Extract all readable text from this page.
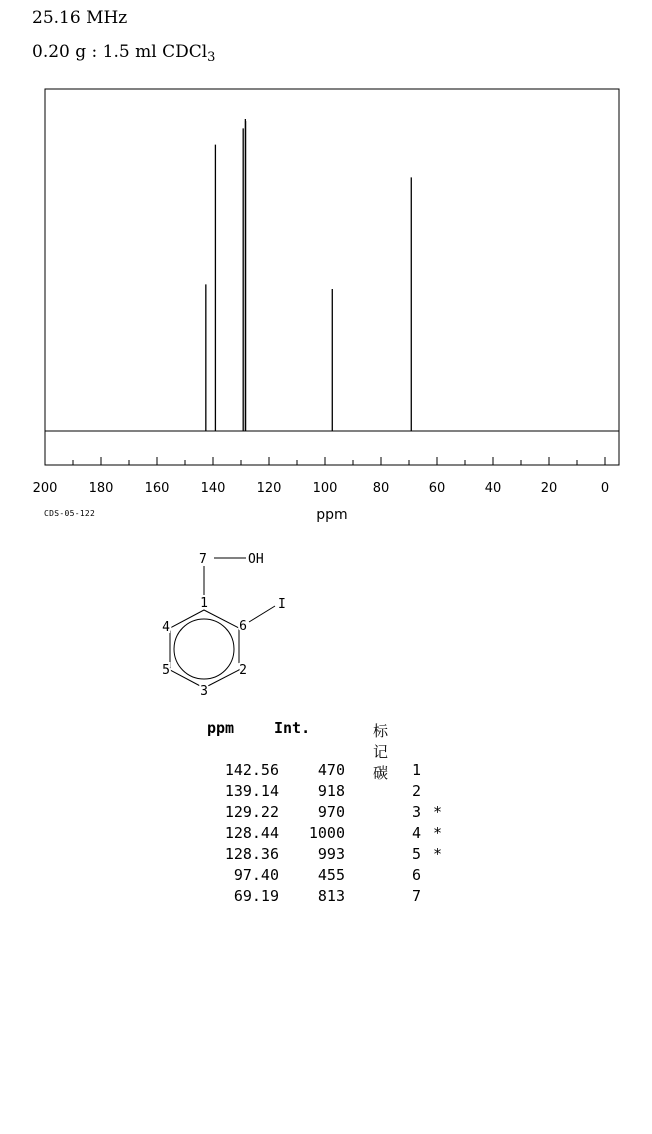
25.16 MHz
0.20 g : 1.5 ml CDCl$_3$
200 180 160 140 120 100	80	60	40	20	0
ppm
CDS-05-122
7	OH
1
6
I
4
5	2
3
ppm	Int.	标记碳
142.56	470	1
139.14	918	2
129.22	970	3 *
128.44 1000	4 *
128.36	993	5 *
97.40	455	6
69.19	813	7
